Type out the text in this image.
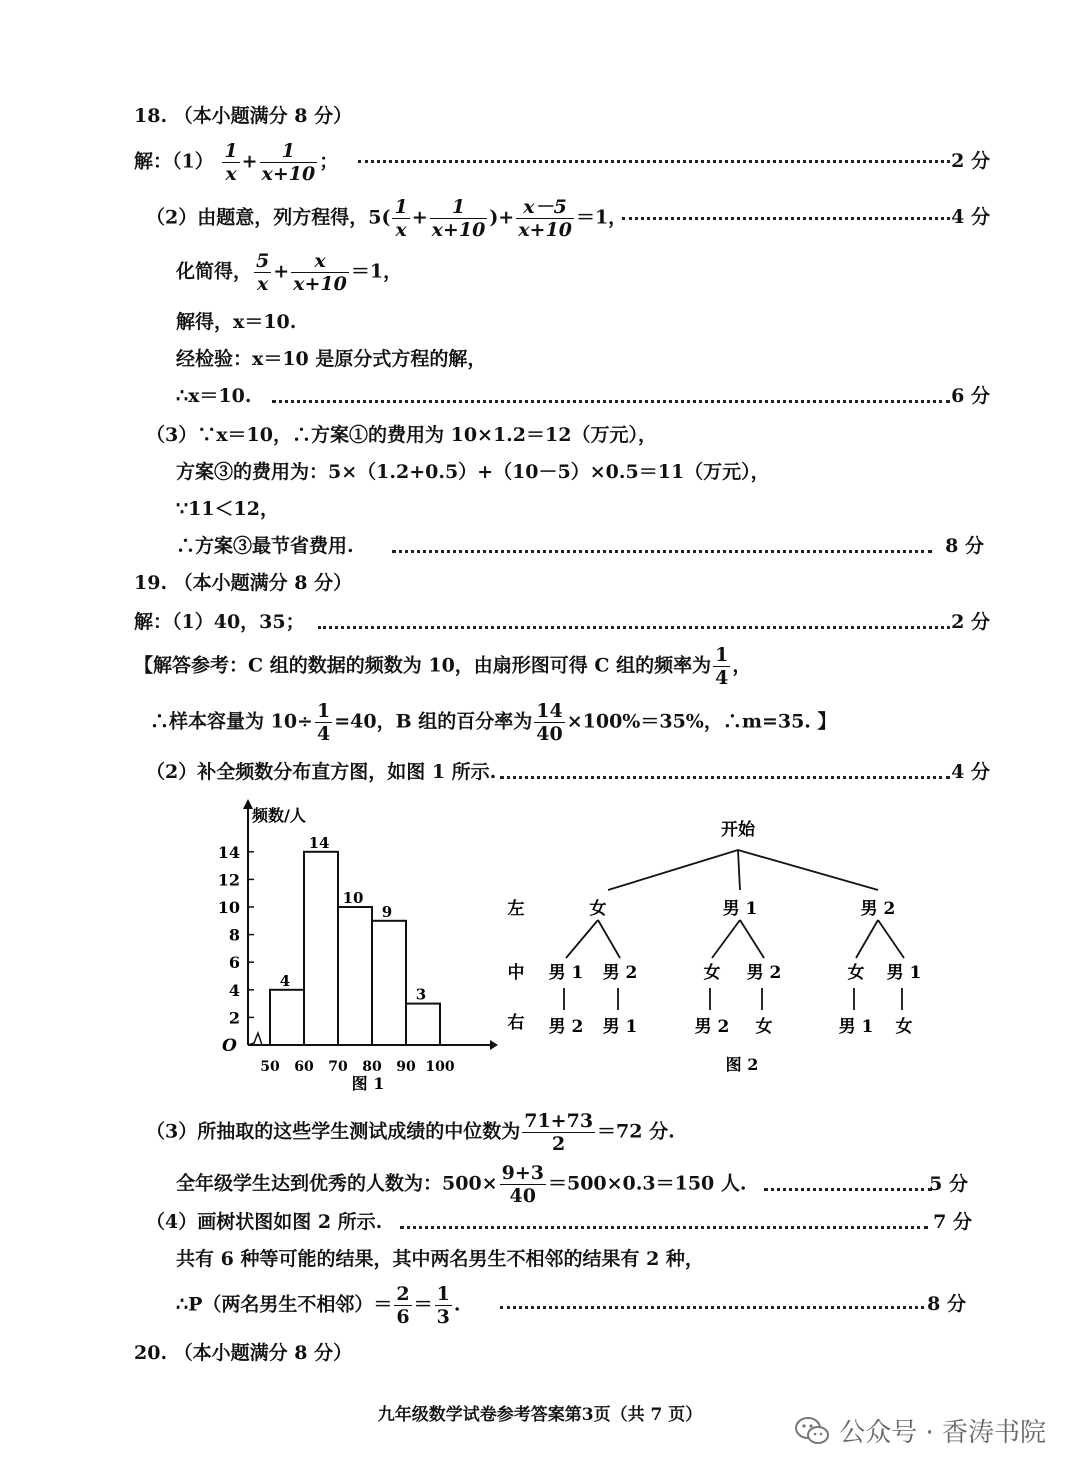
18. （本小题满分 8 分）
解：$(1) \frac{1}{x} + \frac{1}{x+10}$ ；	2 分
（2）由题意，列方程得，$5( \frac{1}{x} + \frac{1}{x+10}$ )+ $\frac{x-5}{x+10} =1$，	4 分
化简得， $\frac{5}{x} + \frac{x}{x+10} =1$，
解得，x＝10.
经检验：x＝10 是原分式方程的解，
∴x＝10.	6 分
（3）∵x＝10，∴方案①的费用为 10×1.2＝12（万元），
方案③的费用为：5×（1.2+0.5）+（10－5）×0.5＝11（万元），
∵11＜12，
∴方案③最节省费用.	8 分
19. （本小题满分 8 分）
解：（1）40，35；	2 分
【解答参考：C 组的数据的频数为 10，由扇形图可得 C 组的频率为 $\frac{1}{4}$ ，
∴样本容量为 $10\div \frac{1}{4} =40$，B 组的百分率为 $\frac{14}{40} \times 100\%=35\%$，∴m=35. 】
（2）补全频数分布直方图，如图 1 所示.	4 分
频数/人
O
2
4
6
8
10
12
14
50 60 70 80 90 100
4
14
10
9
3
图 1
左
中
右
开始
女
男 1
男 2
男 2
男 1
男 1
女
男 2
男 2
女
男 2
女
男 1
男 1
女
图 2
（3）所抽取的这些学生测试成绩的中位数为 $\frac{71+73}{2} =72$ 分.
全年级学生达到优秀的人数为：$500\times \frac{9+3}{40} =500\times 0.3=150$ 人.	5 分
（4）画树状图如图 2 所示.	7 分
共有 6 种等可能的结果，其中两名男生不相邻的结果有 2 种，
∴P（两名男生不相邻）＝ $\frac{2}{6} = \frac{1}{3}$ .	8 分
20. （本小题满分 8 分）
九年级数学试卷参考答案第3页（共 7 页）
公众号 · 香涛书院
